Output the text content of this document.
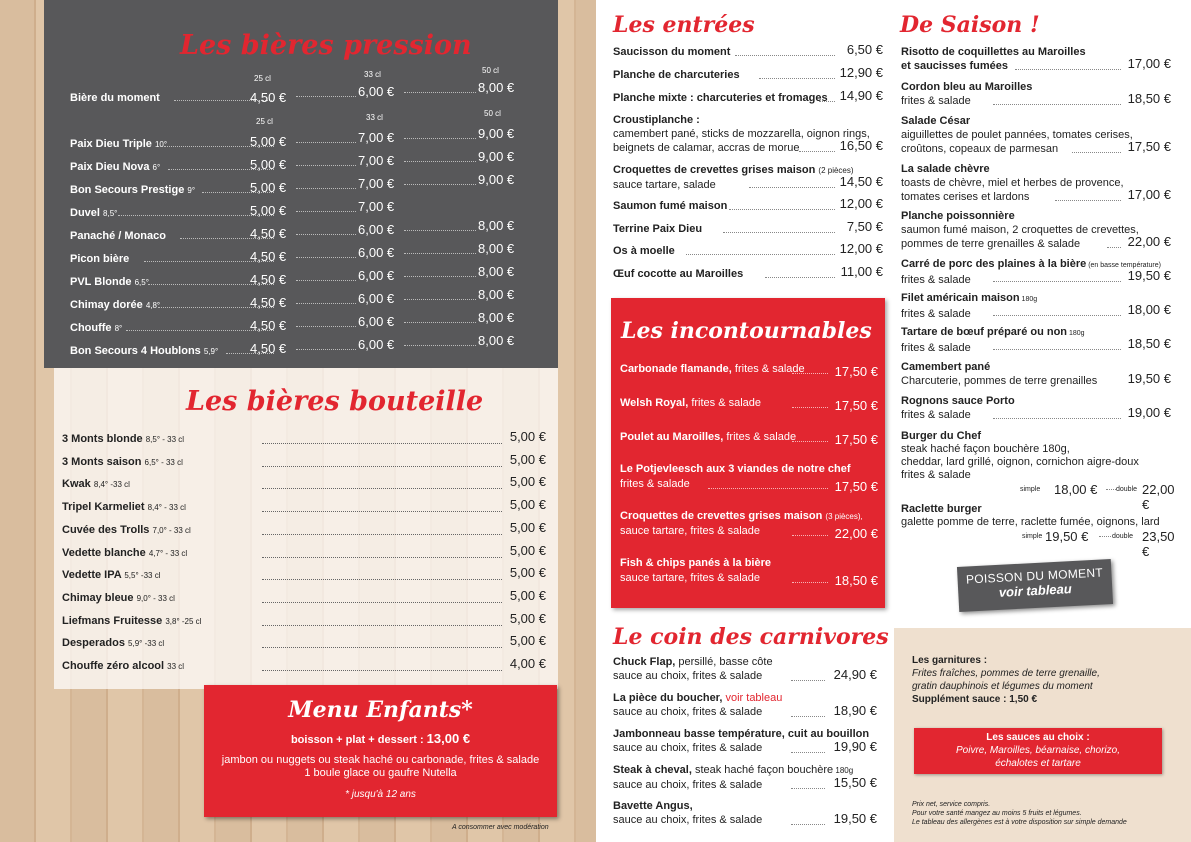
Les bières pression
25 cl	33 cl	50 cl
25 cl	33 cl	50 cl
Bière du moment	4,50 €	6,00 €	8,00 €
Paix Dieu Triple 10°	5,00 €	7,00 €	9,00 €
Paix Dieu Nova 6°	5,00 €	7,00 €	9,00 €
Bon Secours Prestige 9°	5,00 €	7,00 €	9,00 €
Duvel 8,5°	5,00 €	7,00 €
Panaché / Monaco	4,50 €	6,00 €	8,00 €
Picon bière	4,50 €	6,00 €	8,00 €
PVL Blonde 6,5°	4,50 €	6,00 €	8,00 €
Chimay dorée 4,8°	4,50 €	6,00 €	8,00 €
Chouffe 8°	4,50 €	6,00 €	8,00 €
Bon Secours 4 Houblons 5,9° 4,50 €	6,00 €	8,00 €
Les bières bouteille
3 Monts blonde 8,5° - 33 cl	5,00 €
3 Monts saison 6,5° - 33 cl	5,00 €
Kwak 8,4° -33 cl	5,00 €
Tripel Karmeliet 8,4° - 33 cl	5,00 €
Cuvée des Trolls 7,0° - 33 cl	5,00 €
Vedette blanche 4,7° - 33 cl	5,00 €
Vedette IPA 5,5° -33 cl	5,00 €
Chimay bleue 9,0° - 33 cl	5,00 €
Liefmans Fruitesse 3,8° -25 cl	5,00 €
Desperados 5,9° -33 cl	5,00 €
Chouffe zéro alcool 33 cl	4,00 €
Menu Enfants*
boisson + plat + dessert : 13,00 €
jambon ou nuggets ou steak haché ou carbonade, frites & salade
1 boule glace ou gaufre Nutella
* jusqu'à 12 ans
A consommer avec modération
Les entrées
Saucisson du moment	6,50 €
Planche de charcuteries	12,90 €
Planche mixte : charcuteries et fromages 14,90 €
Croustiplanche :
camembert pané, sticks de mozzarella, oignon rings,
beignets de calamar, accras de morue	16,50 €
Croquettes de crevettes grises maison (2 pièces)
sauce tartare, salade	14,50 €
Saumon fumé maison	12,00 €
Terrine Paix Dieu	7,50 €
Os à moelle	12,00 €
Œuf cocotte au Maroilles	11,00 €
Les incontournables
Carbonade flamande, frites & salade	17,50 €
Welsh Royal, frites & salade	17,50 €
Poulet au Maroilles, frites & salade	17,50 €
Le Potjevleesch aux 3 viandes de notre chef
frites & salade	17,50 €
Croquettes de crevettes grises maison (3 pièces),
sauce tartare, frites & salade	22,00 €
Fish & chips panés à la bière
sauce tartare, frites & salade	18,50 €
Le coin des carnivores
Chuck Flap, persillé, basse côte
sauce au choix, frites & salade	24,90 €
La pièce du boucher, voir tableau
sauce au choix, frites & salade	18,90 €
Jambonneau basse température, cuit au bouillon
sauce au choix, frites & salade	19,90 €
Steak à cheval, steak haché façon bouchère 180g
sauce au choix, frites & salade	15,50 €
Bavette Angus,
sauce au choix, frites & salade	19,50 €
De Saison !
Risotto de coquillettes au Maroilles
et saucisses fumées	17,00 €
Cordon bleu au Maroilles
frites & salade	18,50 €
Salade César
aiguillettes de poulet pannées, tomates cerises,
croûtons, copeaux de parmesan	17,50 €
La salade chèvre
toasts de chèvre, miel et herbes de provence,
tomates cerises et lardons	17,00 €
Planche poissonnière
saumon fumé maison, 2 croquettes de crevettes,
pommes de terre grenailles & salade	22,00 €
Carré de porc des plaines à la bière (en basse température)
frites & salade	19,50 €
Filet américain maison 180g
frites & salade	18,00 €
Tartare de bœuf préparé ou non 180g
frites & salade	18,50 €
Camembert pané
Charcuterie, pommes de terre grenailles	19,50 €
Rognons sauce Porto
frites & salade	19,00 €
Burger du Chef
steak haché façon bouchère 180g,
cheddar, lard grillé, oignon, cornichon aigre-doux
frites & salade
simple 18,00 €	double 22,00 €
Raclette burger
galette pomme de terre, raclette fumée, oignons, lard
simple 19,50 €	double 23,50 €
POISSON DU MOMENT
voir tableau
Les garnitures :
Frites fraîches, pommes de terre grenaille,
gratin dauphinois et légumes du moment
Supplément sauce : 1,50 €
Les sauces au choix :
Poivre, Maroilles, béarnaise, chorizo,
échalotes et tartare
Prix net, service compris.
Pour votre santé mangez au moins 5 fruits et légumes.
Le tableau des allergènes est à votre disposition sur simple demande
